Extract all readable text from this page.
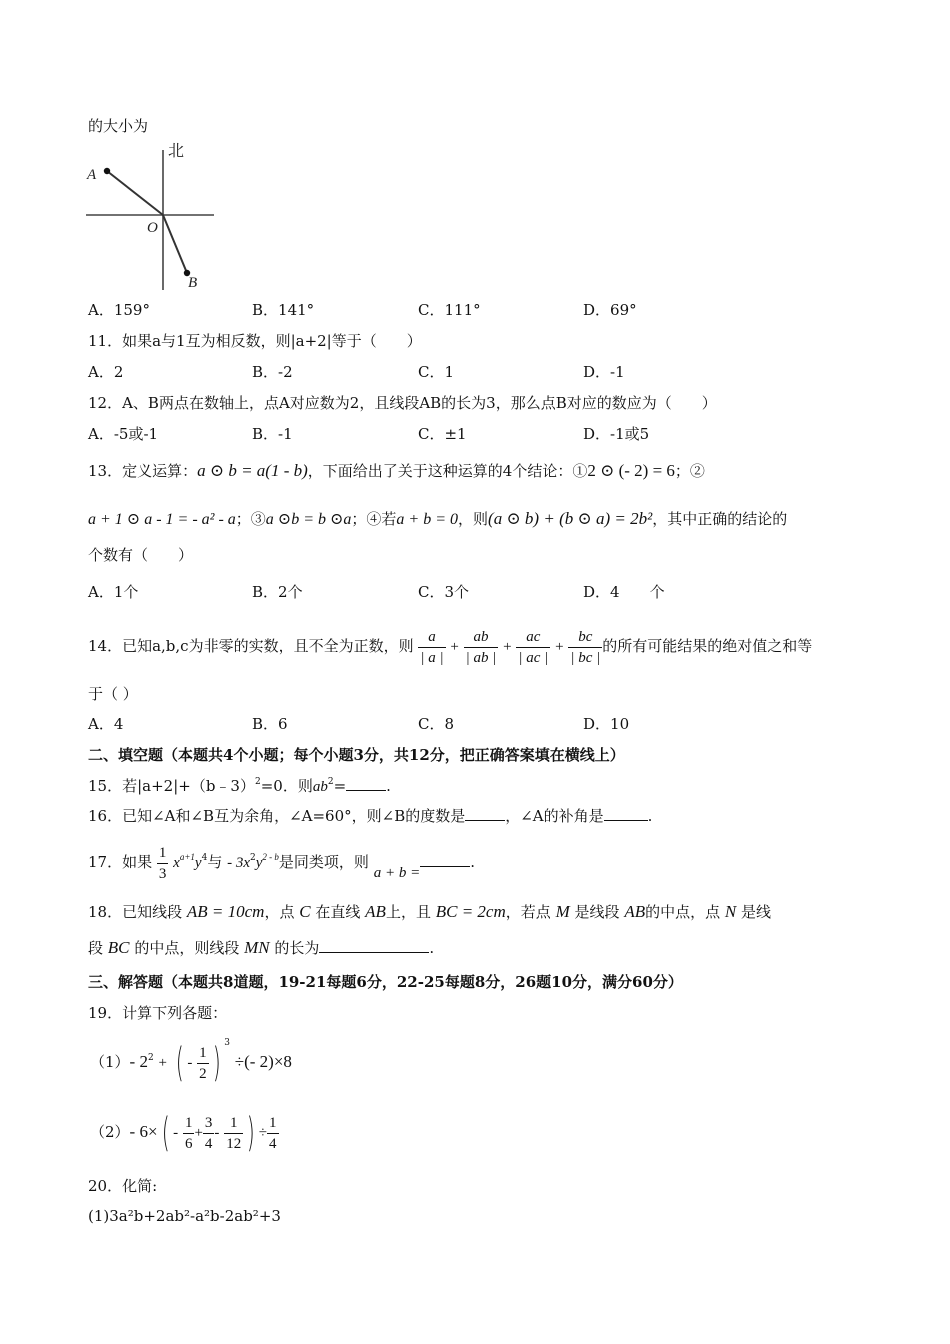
的大小为
北
A
O
B
A．159°	B．141°	C．111°	D．69°
11．如果a与1互为相反数，则|a+2|等于（　　）
A．2	B．-2	C．1	D．-1
12．A、B两点在数轴上，点A对应数为2，且线段AB的长为3，那么点B对应的数应为（　　）
A．-5或-1	B．-1	C．±1	D．-1或5
13．定义运算：a ⊙ b = a(1 - b)，下面给出了关于这种运算的4个结论：①2 ⊙ (- 2) = 6；②
a + 1 ⊙ a - 1 = - a² - a；③a ⊙b = b ⊙a；④若a + b = 0，则(a ⊙ b) + (b ⊙ a) = 2b²，其中正确的结论的
个数有（　　）
A．1个	B．2个	C．3个	D．4　　个
14．已知a,b,c为非零的实数，且不全为正数，则 $\frac{a}{| a |} + \frac{ab}{| ab |} + \frac{ac}{| ac |} + \frac{bc}{| bc |}$ 的所有可能结果的绝对值之和等
于（ ）
A．4	B．6	C．8	D．10
二、填空题（本题共4个小题；每个小题3分，共12分，把正确答案填在横线上）
15．若|a+2|+（b﹣3）$^2$=0．则$ab^2=$	.
16．已知∠A和∠B互为余角，∠A=60°，则∠B的度数是	，∠A的补角是	.
17．如果 $\frac{1}{3} x^{a+1}y^4$与 - $3x^2y^{2 - b}$是同类项，则 a + b =.
18．已知线段 AB = 10cm，点 C 在直线 AB上，且 BC = 2cm，若点 M 是线段 AB的中点，点 N 是线
段 BC 的中点，则线段 MN 的长为	.
三、解答题（本题共8道题，19-21每题6分，22-25每题8分，26题10分，满分60分）
19．计算下列各题：
（1）- $2^2$ + ( - $\frac{1}{2}$ ) $^3$ ÷(- 2)×8
（2）- $6\times( - \frac{1}{6} + \frac{3}{4} - \frac{1}{12}$ ) ÷ $\frac{1}{4}$
20．化简:
(1)3a²b+2ab²-a²b-2ab²+3
